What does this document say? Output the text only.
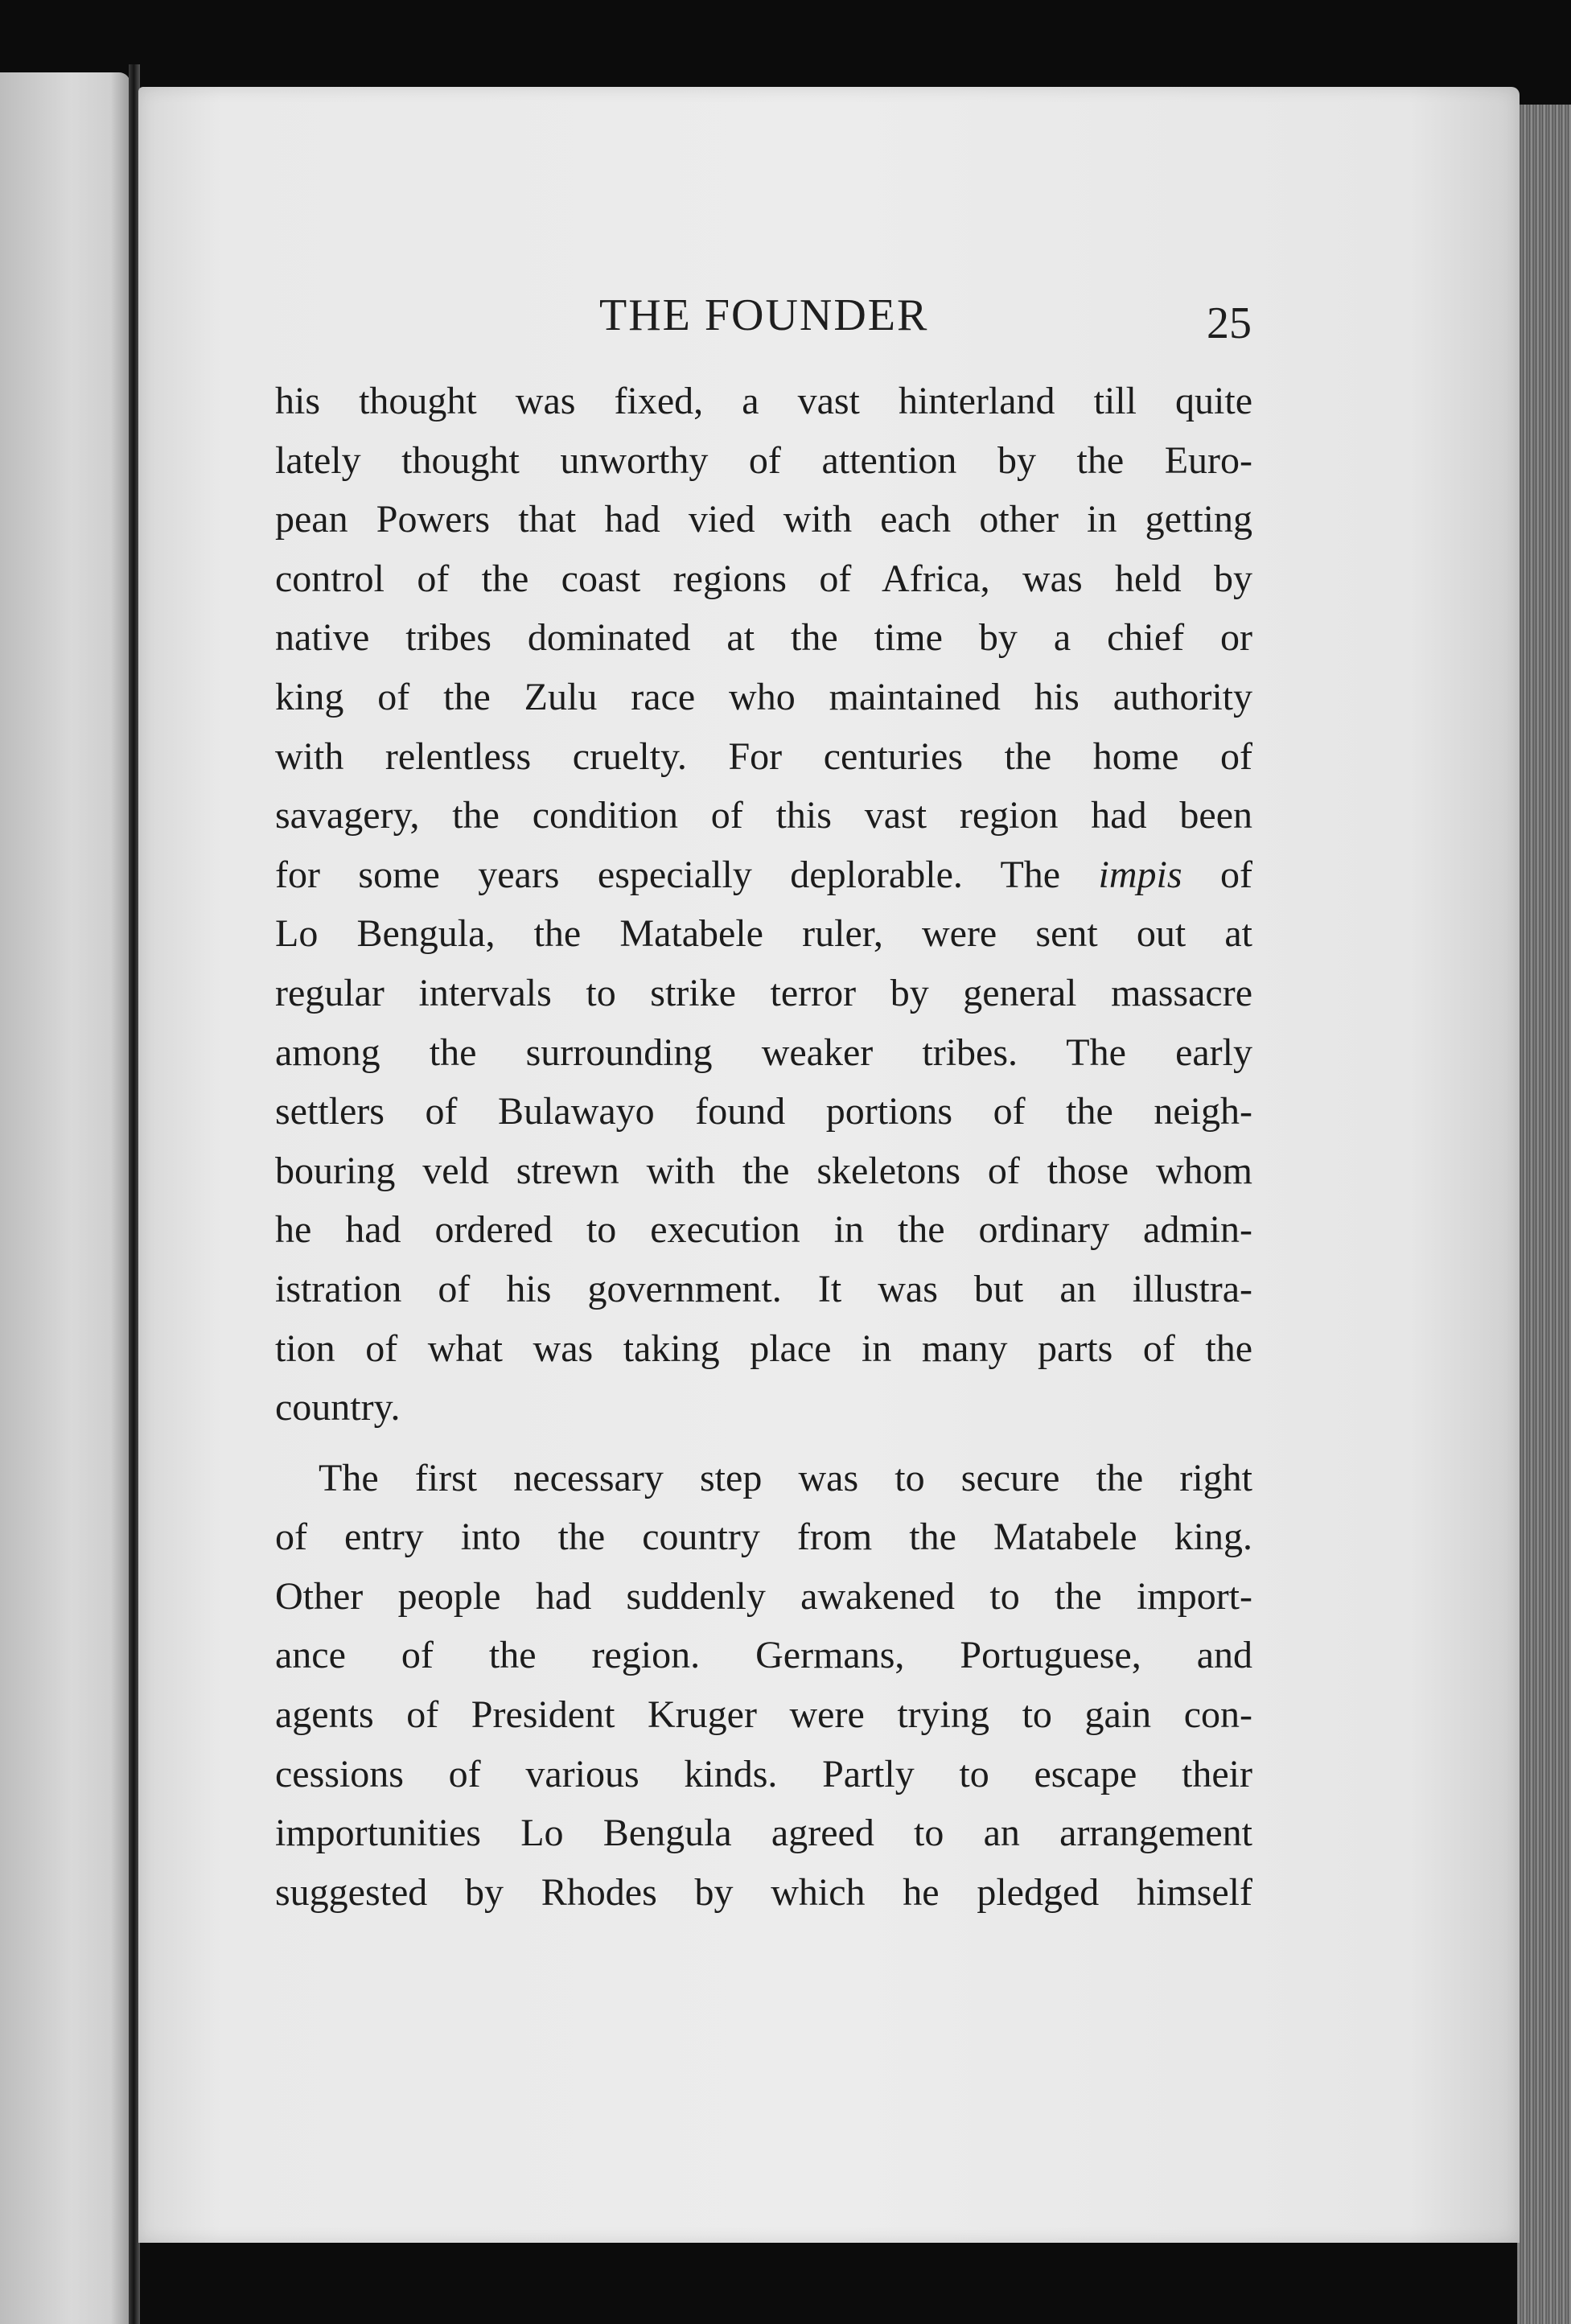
THE FOUNDER	25
his thought was fixed, a vast hinterland till quite
lately thought unworthy of attention by the Euro-
pean Powers that had vied with each other in getting
control of the coast regions of Africa, was held by
native tribes dominated at the time by a chief or
king of the Zulu race who maintained his authority
with relentless cruelty. For centuries the home of
savagery, the condition of this vast region had been
for some years especially deplorable. The impis of
Lo Bengula, the Matabele ruler, were sent out at
regular intervals to strike terror by general massacre
among the surrounding weaker tribes. The early
settlers of Bulawayo found portions of the neigh-
bouring veld strewn with the skeletons of those whom
he had ordered to execution in the ordinary admin-
istration of his government. It was but an illustra-
tion of what was taking place in many parts of the
country.
The first necessary step was to secure the right
of entry into the country from the Matabele king.
Other people had suddenly awakened to the import-
ance of the region. Germans, Portuguese, and
agents of President Kruger were trying to gain con-
cessions of various kinds. Partly to escape their
importunities Lo Bengula agreed to an arrangement
suggested by Rhodes by which he pledged himself
